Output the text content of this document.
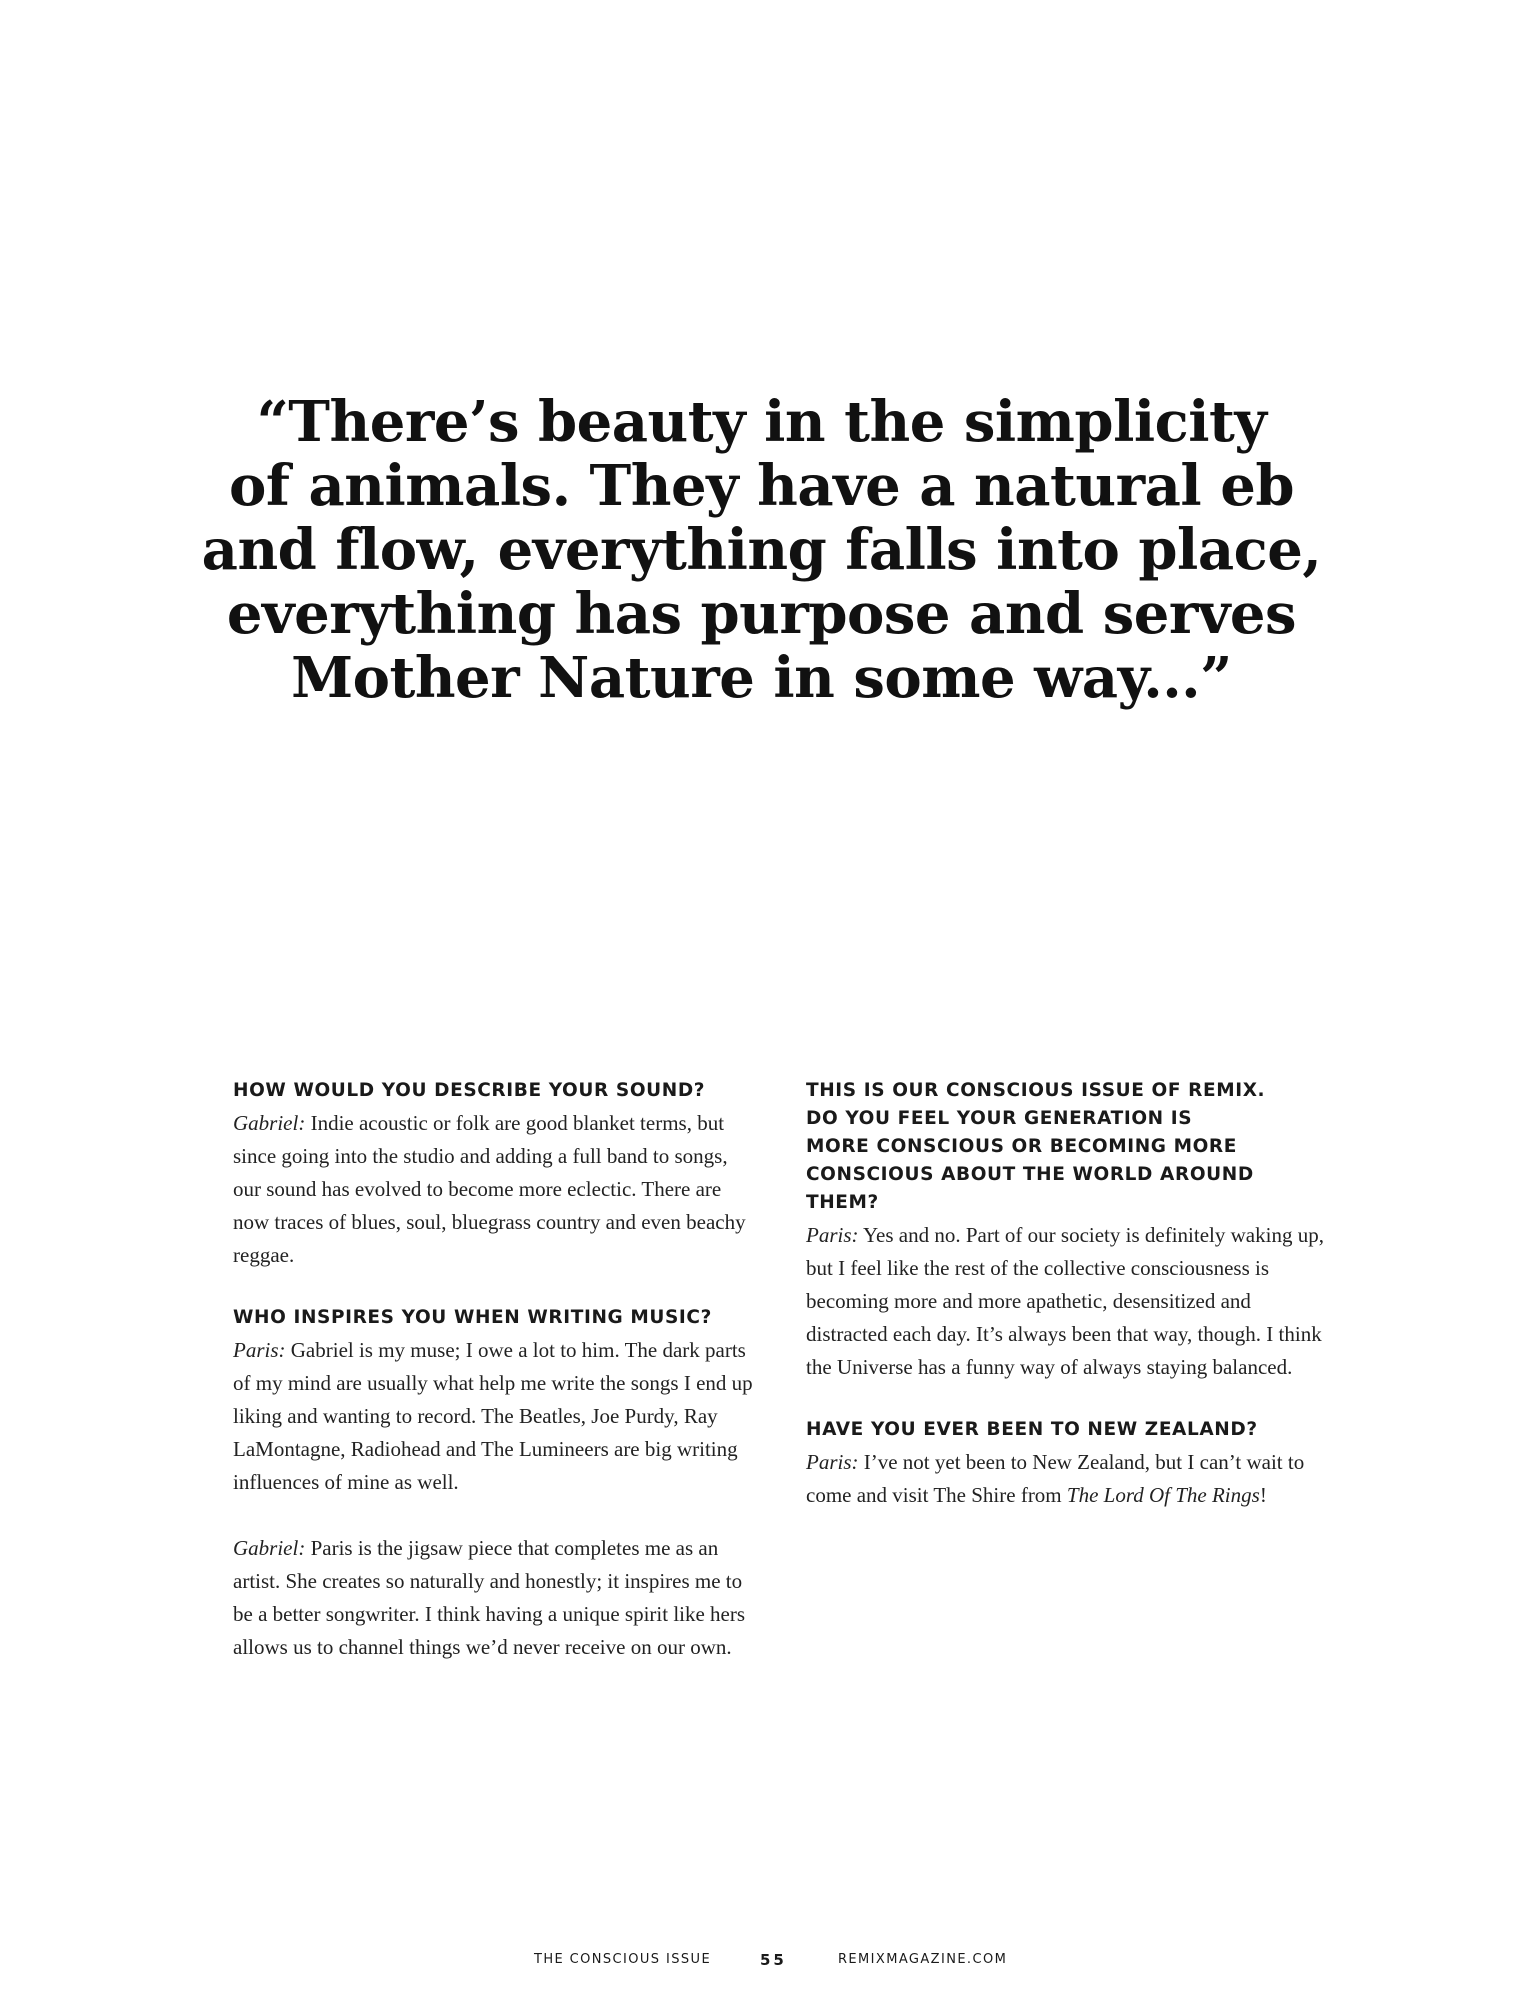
“There’s beauty in the simplicity
of animals. They have a natural eb
and flow, everything falls into place,
everything has purpose and serves
Mother Nature in some way...”
HOW WOULD YOU DESCRIBE YOUR SOUND?

Gabriel: Indie acoustic or folk are good blanket terms, but since going into the studio and adding a full band to songs, our sound has evolved to become more eclectic. There are now traces of blues, soul, bluegrass country and even beachy reggae.

WHO INSPIRES YOU WHEN WRITING MUSIC?

Paris: Gabriel is my muse; I owe a lot to him. The dark parts of my mind are usually what help me write the songs I end up liking and wanting to record. The Beatles, Joe Purdy, Ray LaMontagne, Radiohead and The Lumineers are big writing influences of mine as well.

Gabriel: Paris is the jigsaw piece that completes me as an artist. She creates so naturally and honestly; it inspires me to be a better songwriter. I think having a unique spirit like hers allows us to channel things we’d never receive on our own.

THIS IS OUR CONSCIOUS ISSUE OF REMIX.
DO YOU FEEL YOUR GENERATION IS
MORE CONSCIOUS OR BECOMING MORE
CONSCIOUS ABOUT THE WORLD AROUND
THEM?

Paris: Yes and no. Part of our society is definitely waking up, but I feel like the rest of the collective consciousness is becoming more and more apathetic, desensitized and distracted each day. It’s always been that way, though. I think the Universe has a funny way of always staying balanced.

HAVE YOU EVER BEEN TO NEW ZEALAND?

Paris: I’ve not yet been to New Zealand, but I can’t wait to come and visit The Shire from The Lord Of The Rings!

THE CONSCIOUS ISSUE	55	REMIXMAGAZINE.COM
